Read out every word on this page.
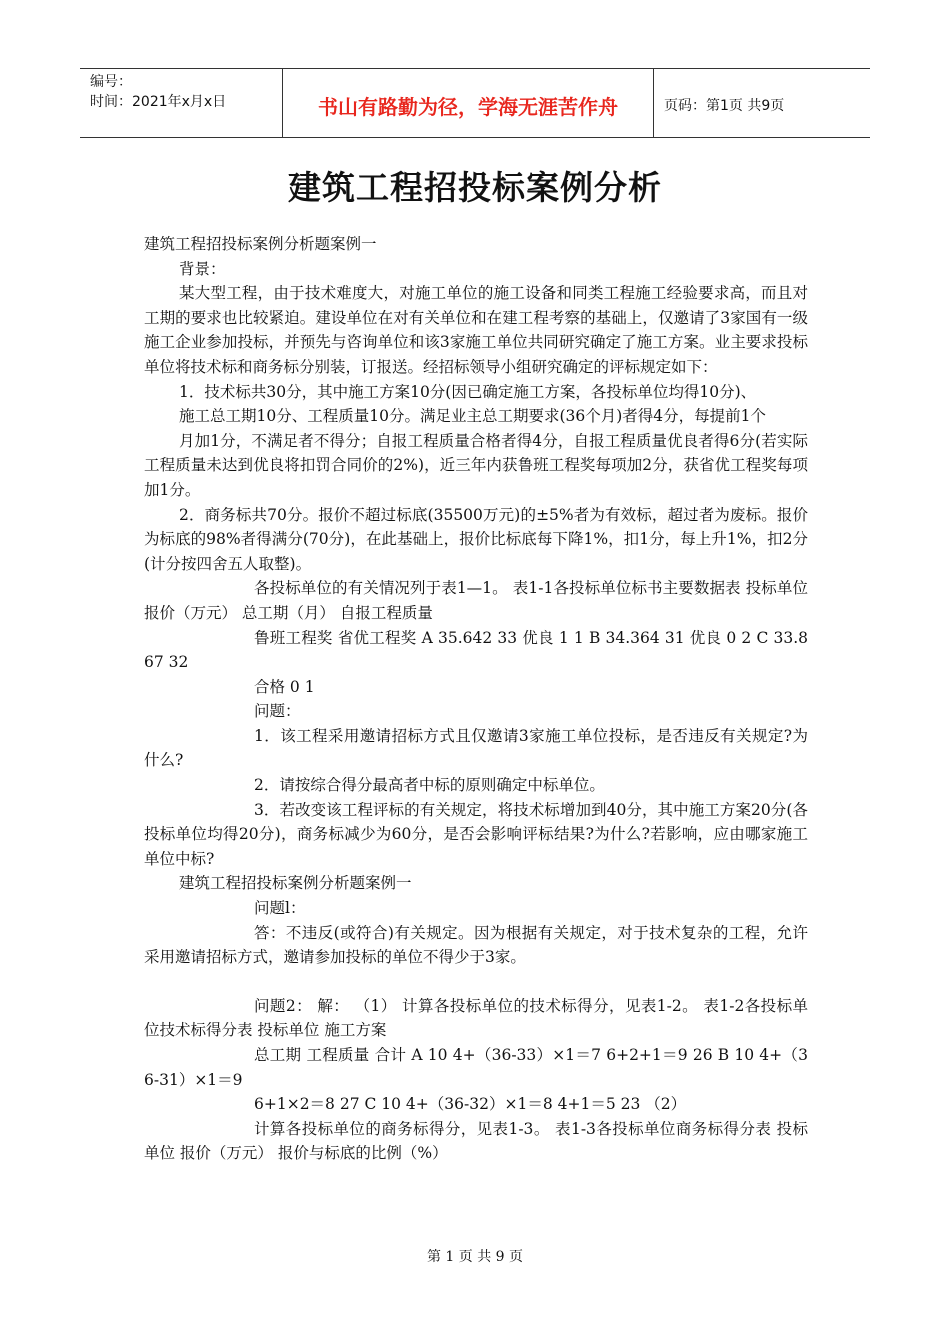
编号：
时间：2021年x月x日	书山有路勤为径，学海无涯苦作舟	页码：第1页 共9页
建筑工程招投标案例分析

建筑工程招投标案例分析题案例一

背景：

某大型工程，由于技术难度大，对施工单位的施工设备和同类工程施工经验要求高，而且对工期的要求也比较紧迫。建设单位在对有关单位和在建工程考察的基础上，仅邀请了3家国有一级施工企业参加投标，并预先与咨询单位和该3家施工单位共同研究确定了施工方案。业主要求投标单位将技术标和商务标分别装，订报送。经招标领导小组研究确定的评标规定如下：

1．技术标共30分，其中施工方案10分(因已确定施工方案，各投标单位均得10分)、

施工总工期10分、工程质量10分。满足业主总工期要求(36个月)者得4分，每提前1个

月加1分，不满足者不得分；自报工程质量合格者得4分，自报工程质量优良者得6分(若实际工程质量未达到优良将扣罚合同价的2%)，近三年内获鲁班工程奖每项加2分，获省优工程奖每项加1分。

2．商务标共70分。报价不超过标底(35500万元)的±5%者为有效标，超过者为废标。报价为标底的98%者得满分(70分)，在此基础上，报价比标底每下降1%，扣1分，每上升1%，扣2分(计分按四舍五人取整)。

各投标单位的有关情况列于表1—1。 表1-1各投标单位标书主要数据表 投标单位 报价（万元） 总工期（月） 自报工程质量

鲁班工程奖 省优工程奖 A 35.642 33 优良 1 1 B 34.364 31 优良 0 2 C 33.867 32

合格 0 1

问题：

1．该工程采用邀请招标方式且仅邀请3家施工单位投标，是否违反有关规定?为什么?

2．请按综合得分最高者中标的原则确定中标单位。

3．若改变该工程评标的有关规定，将技术标增加到40分，其中施工方案20分(各投标单位均得20分)，商务标减少为60分，是否会影响评标结果?为什么?若影响，应由哪家施工单位中标?

建筑工程招投标案例分析题案例一

问题l：

答：不违反(或符合)有关规定。因为根据有关规定，对于技术复杂的工程，允许采用邀请招标方式，邀请参加投标的单位不得少于3家。

问题2： 解： （1） 计算各投标单位的技术标得分，见表1-2。 表1-2各投标单位技术标得分表 投标单位 施工方案

总工期 工程质量 合计 A 10 4+（36-33）×1＝7 6+2+1＝9 26 B 10 4+（36-31）×1＝9

6+1×2＝8 27 C 10 4+（36-32）×1＝8 4+1＝5 23 （2）

计算各投标单位的商务标得分，见表1-3。 表1-3各投标单位商务标得分表 投标单位 报价（万元） 报价与标底的比例（%）

第 1 页 共 9 页
